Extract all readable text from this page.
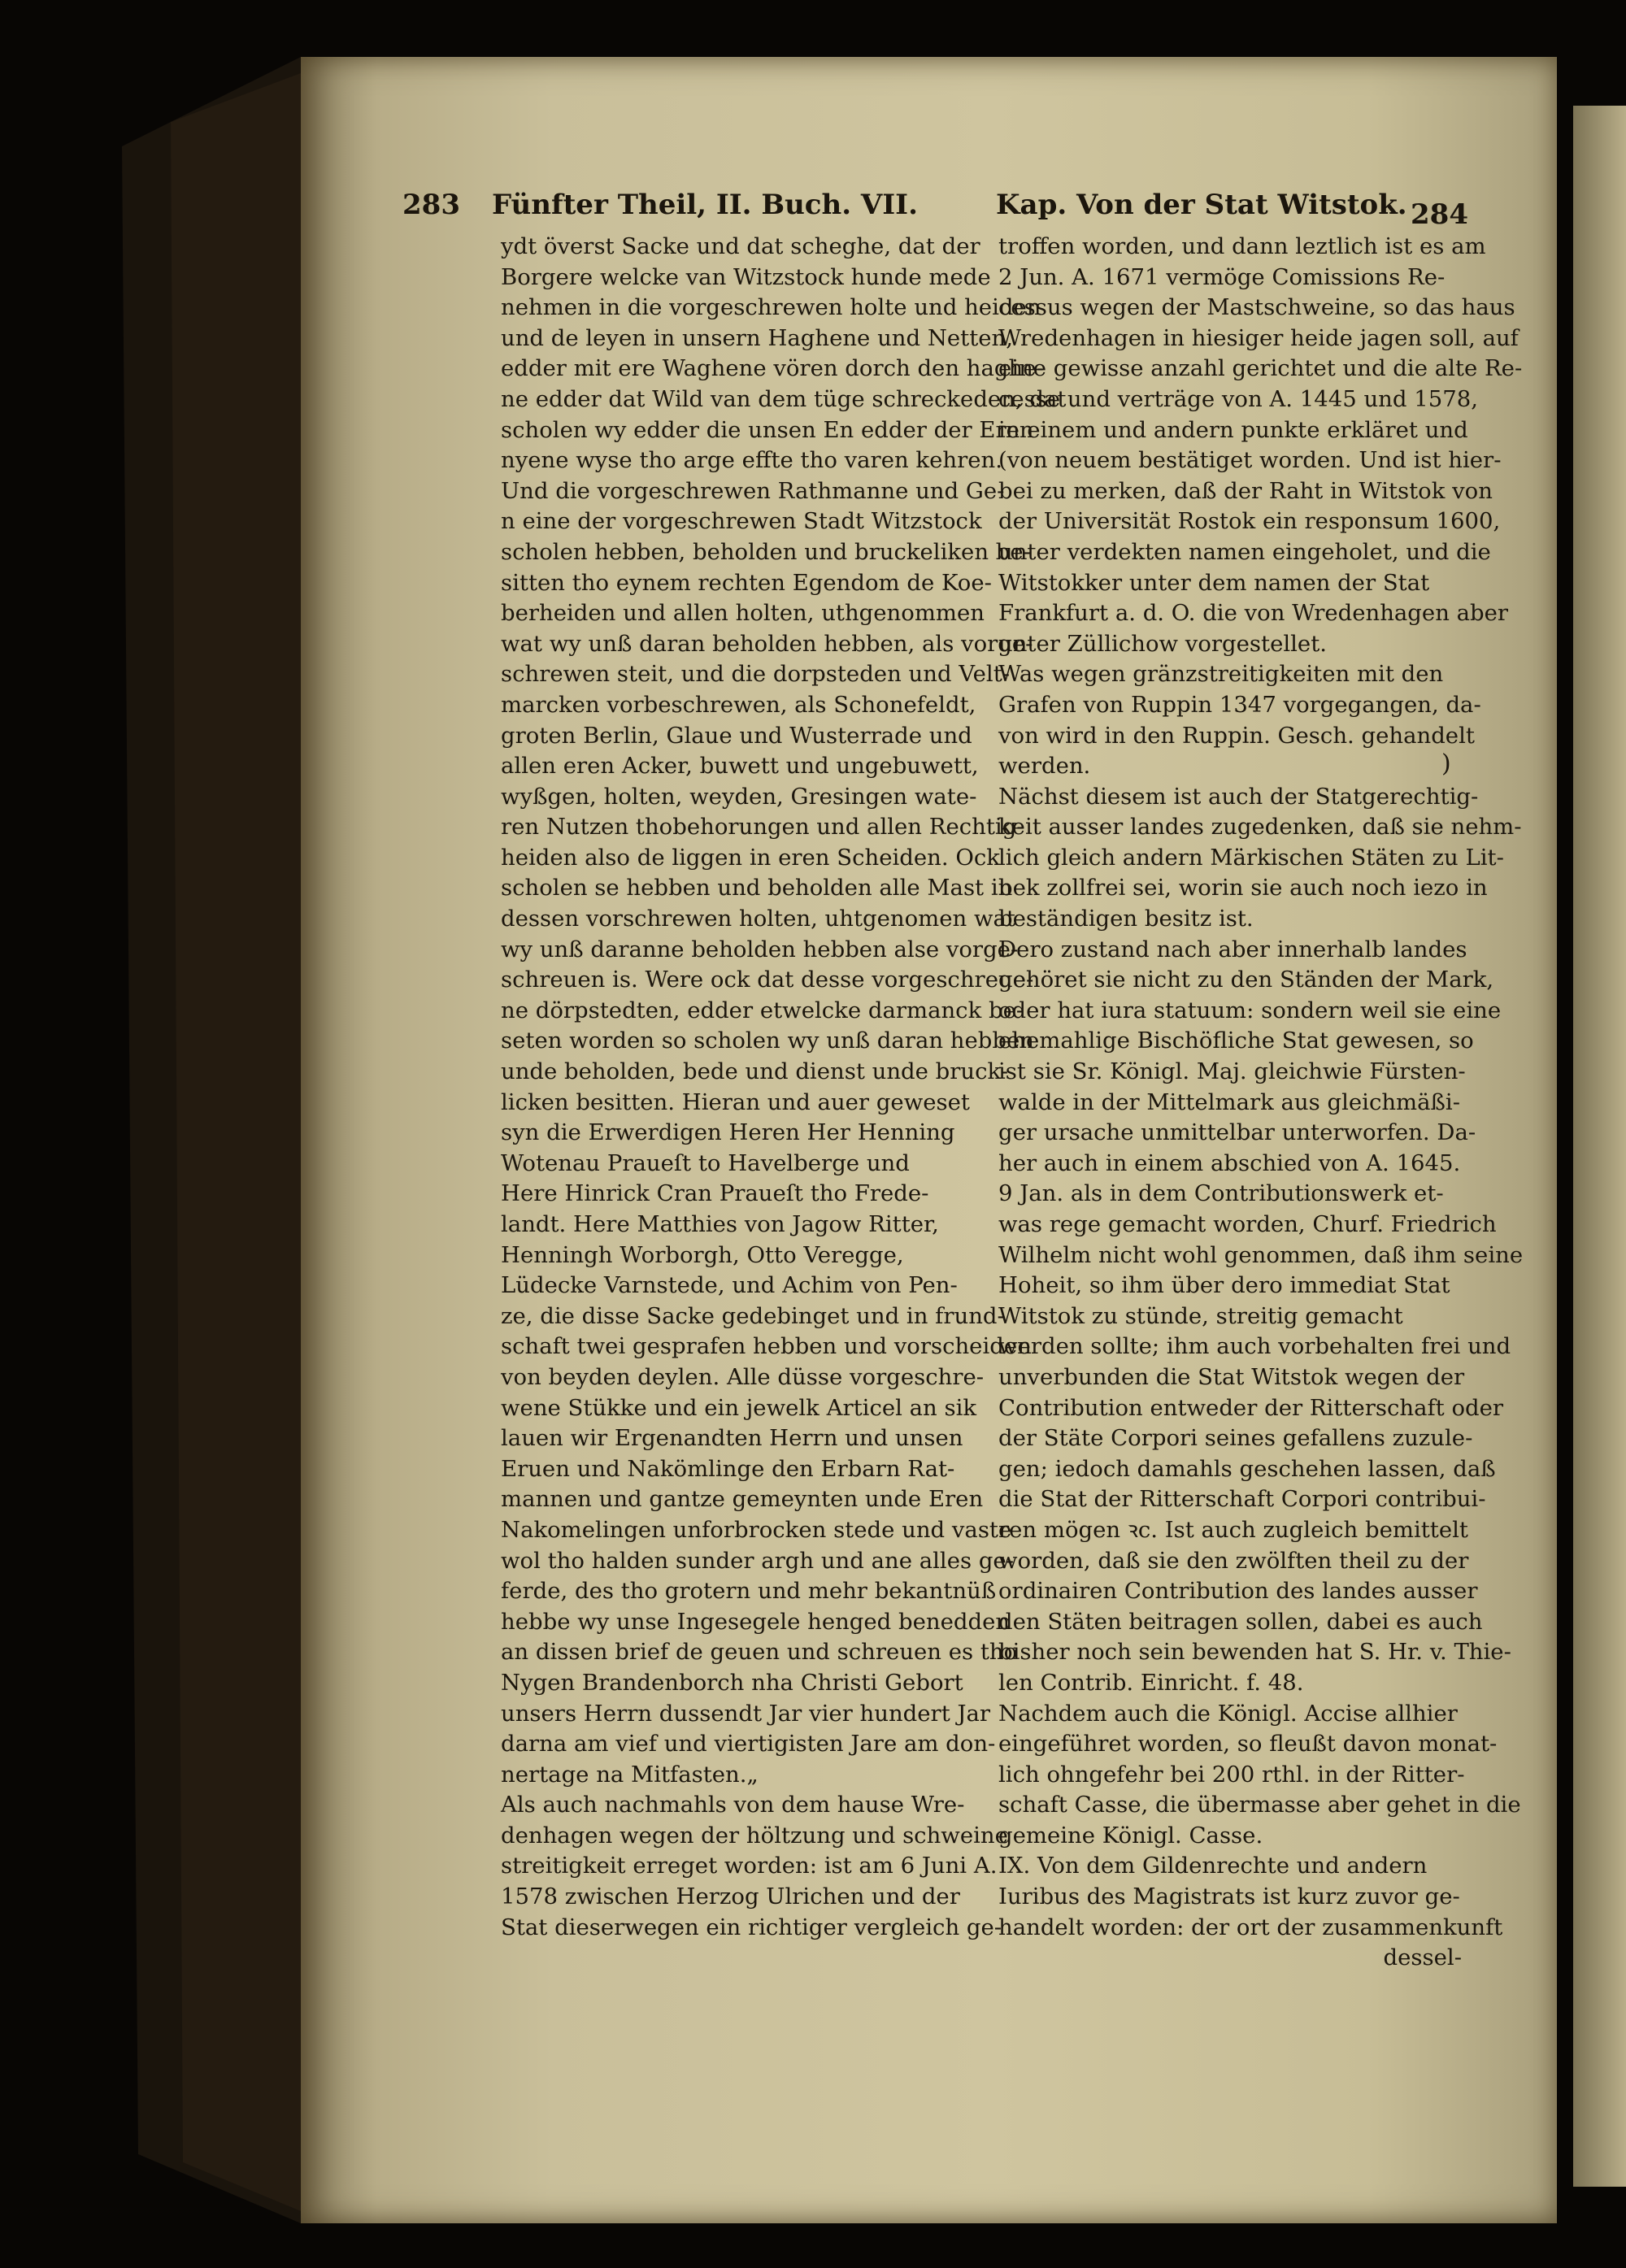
283 Fünfter Theil, II. Buch. VII.	Kap. Von der Stat Witstok. 284
ydt överst Sacke und dat scheghe, dat der
Borgere welcke van Witzstock hunde mede
nehmen in die vorgeschrewen holte und heiden
und de leyen in unsern Haghene und Netten,
edder mit ere Waghene vören dorch den haghe-
ne edder dat Wild van dem tüge schreckeden, dat
scholen wy edder die unsen En edder der Eren
nyene wyse tho arge effte tho varen kehren.
Und die vorgeschrewen Rathmanne und Ge-
n eine der vorgeschrewen Stadt Witzstock
scholen hebben, beholden und bruckeliken be-
sitten tho eynem rechten Egendom de Koe-
berheiden und allen holten, uthgenommen
wat wy unß daran beholden hebben, als vorge-
schrewen steit, und die dorpsteden und Velt-
marcken vorbeschrewen, als Schonefeldt,
groten Berlin, Glaue und Wusterrade und
allen eren Acker, buwett und ungebuwett,
wyßgen, holten, weyden, Gresingen wate-
ren Nutzen thobehorungen und allen Rechtig-
heiden also de liggen in eren Scheiden. Ock
scholen se hebben und beholden alle Mast in
dessen vorschrewen holten, uhtgenomen wat
wy unß daranne beholden hebben alse vorge-
schreuen is. Were ock dat desse vorgeschreue-
ne dörpstedten, edder etwelcke darmanck be-
seten worden so scholen wy unß daran hebben
unde beholden, bede und dienst unde bruck-
licken besitten. Hieran und auer geweset
syn die Erwerdigen Heren Her Henning
Wotenau Praueſt to Havelberge und
Here Hinrick Cran Praueſt tho Frede-
landt. Here Matthies von Jagow Ritter,
Henningh Worborgh, Otto Veregge,
Lüdecke Varnstede, und Achim von Pen-
ze, die disse Sacke gedebinget und in frund-
schaft twei gesprafen hebben und vorscheiden
von beyden deylen. Alle düsse vorgeschre-
wene Stükke und ein jewelk Articel an sik
lauen wir Ergenandten Herrn und unsen
Eruen und Nakömlinge den Erbarn Rat-
mannen und gantze gemeynten unde Eren
Nakomelingen unforbrocken stede und vaste
wol tho halden sunder argh und ane alles ge-
ferde, des tho grotern und mehr bekantnüß
hebbe wy unse Ingesegele henged benedden
an dissen brief de geuen und schreuen es tho
Nygen Brandenborch nha Christi Gebort
unsers Herrn dussendt Jar vier hundert Jar
darna am vief und viertigisten Jare am don-
nertage na Mitfasten.„
Als auch nachmahls von dem hause Wre-
denhagen wegen der höltzung und schweine
streitigkeit erreget worden: ist am 6 Juni A.
1578 zwischen Herzog Ulrichen und der
Stat dieserwegen ein richtiger vergleich ge-
troffen worden, und dann leztlich ist es am
2 Jun. A. 1671 vermöge Comissions Re-
cessus wegen der Mastschweine, so das haus
Wredenhagen in hiesiger heide jagen soll, auf
eine gewisse anzahl gerichtet und die alte Re-
cesse und verträge von A. 1445 und 1578,
in einem und andern punkte erkläret und
(von neuem bestätiget worden. Und ist hier-
bei zu merken, daß der Raht in Witstok von
der Universität Rostok ein responsum 1600,
unter verdekten namen eingeholet, und die
Witstokker unter dem namen der Stat
Frankfurt a. d. O. die von Wredenhagen aber
unter Züllichow vorgestellet.
Was wegen gränzstreitigkeiten mit den
Grafen von Ruppin 1347 vorgegangen, da-
von wird in den Ruppin. Gesch. gehandelt
werden.
Nächst diesem ist auch der Statgerechtig-
keit ausser landes zugedenken, daß sie nehm-
lich gleich andern Märkischen Stäten zu Lit-
bek zollfrei sei, worin sie auch noch iezo in
beständigen besitz ist.
Dero zustand nach aber innerhalb landes
gehöret sie nicht zu den Ständen der Mark,
oder hat iura statuum: sondern weil sie eine
ehemahlige Bischöfliche Stat gewesen, so
ist sie Sr. Königl. Maj. gleichwie Fürsten-
walde in der Mittelmark aus gleichmäßi-
ger ursache unmittelbar unterworfen. Da-
her auch in einem abschied von A. 1645.
9 Jan. als in dem Contributionswerk et-
was rege gemacht worden, Churf. Friedrich
Wilhelm nicht wohl genommen, daß ihm seine
Hoheit, so ihm über dero immediat Stat
Witstok zu stünde, streitig gemacht
werden sollte; ihm auch vorbehalten frei und
unverbunden die Stat Witstok wegen der
Contribution entweder der Ritterschaft oder
der Stäte Corpori seines gefallens zuzule-
gen; iedoch damahls geschehen lassen, daß
die Stat der Ritterschaft Corpori contribui-
ren mögen ꝛc. Ist auch zugleich bemittelt
worden, daß sie den zwölften theil zu der
ordinairen Contribution des landes ausser
den Stäten beitragen sollen, dabei es auch
bisher noch sein bewenden hat S. Hr. v. Thie-
len Contrib. Einricht. f. 48.
Nachdem auch die Königl. Accise allhier
eingeführet worden, so fleußt davon monat-
lich ohngefehr bei 200 rthl. in der Ritter-
schaft Casse, die übermasse aber gehet in die
gemeine Königl. Casse.
IX. Von dem Gildenrechte und andern
Iuribus des Magistrats ist kurz zuvor ge-
handelt worden: der ort der zusammenkunft
dessel-
)
